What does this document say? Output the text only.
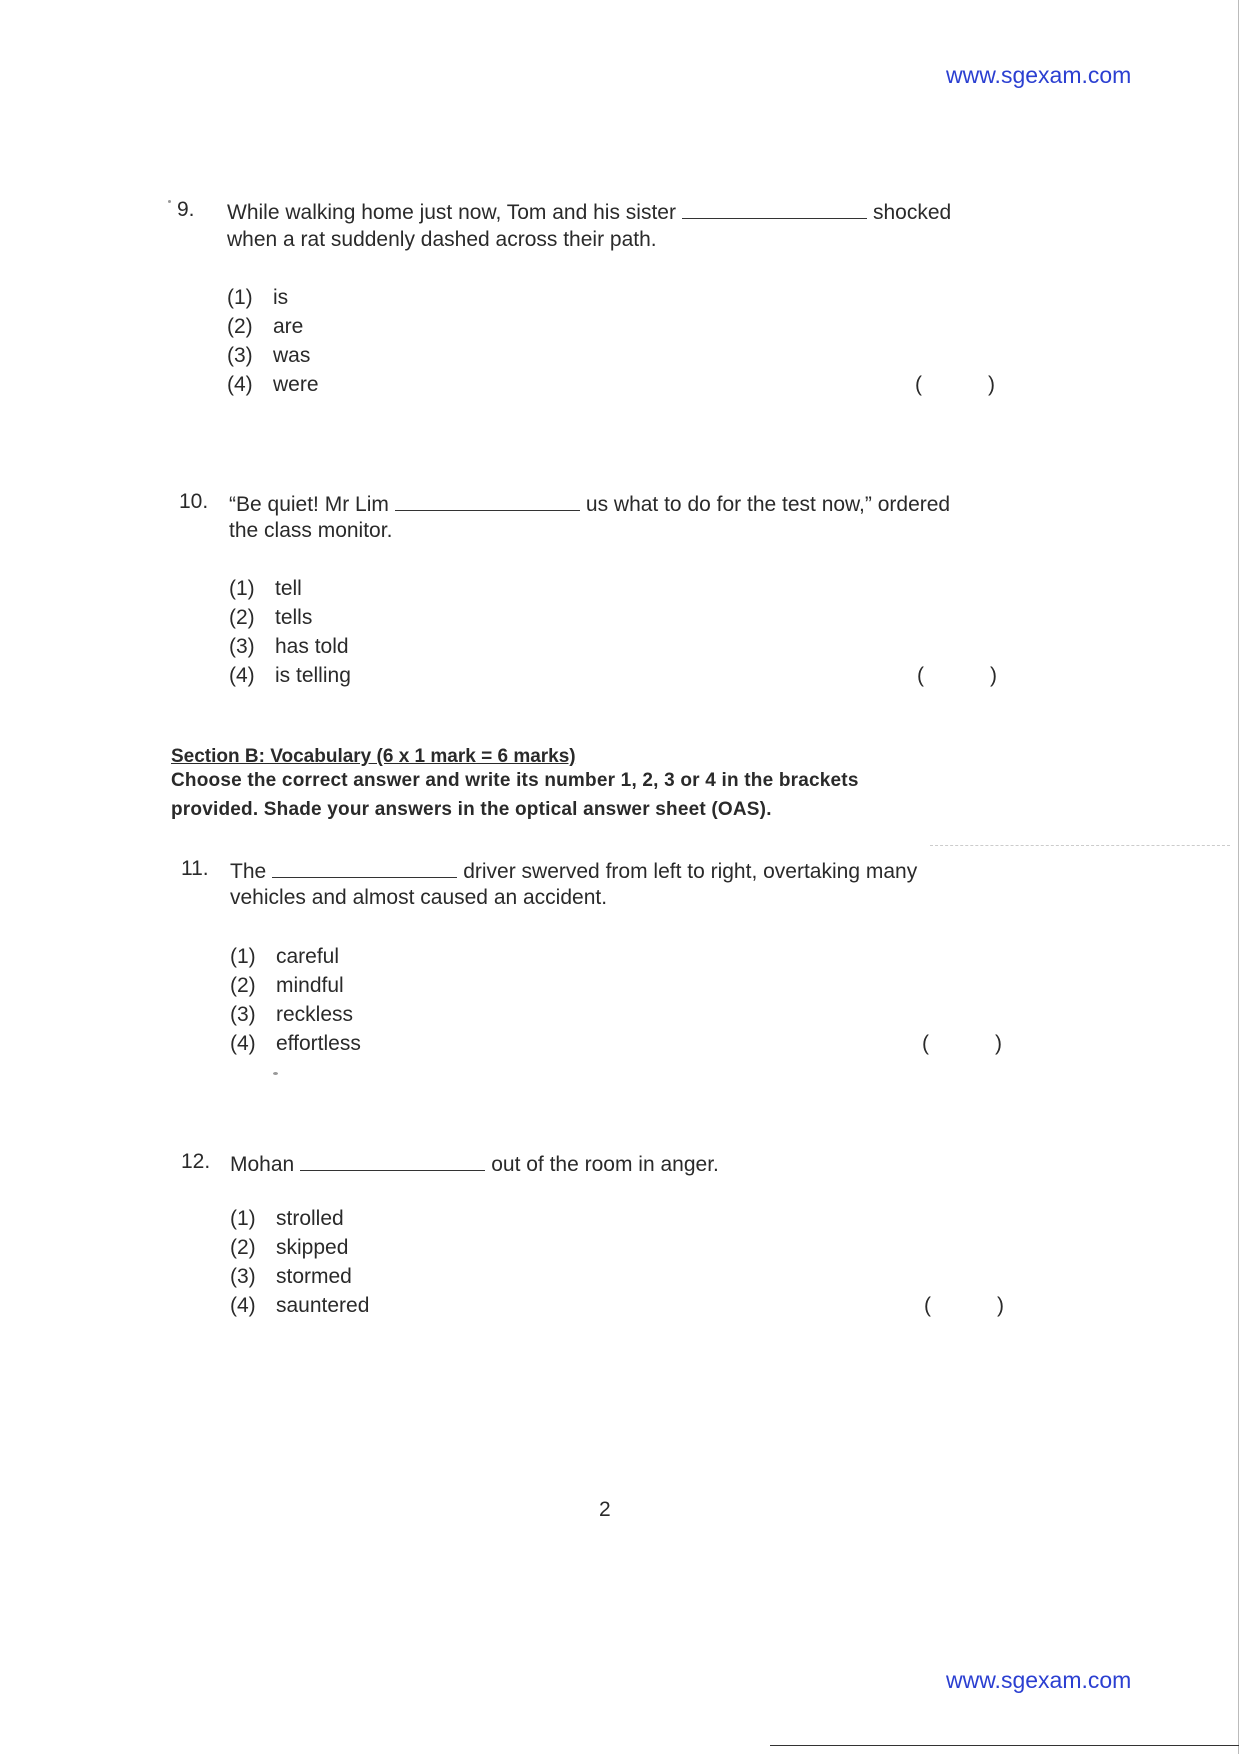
www.sgexam.com
9. While walking home just now, Tom and his sister	shocked
when a rat suddenly dashed across their path.
(1) is
(2) are
(3) was
(4) were	(	)
10. “Be quiet! Mr Lim	us what to do for the test now,” ordered
the class monitor.
(1) tell
(2) tells
(3) has told
(4) is telling	(	)
Section B: Vocabulary (6 x 1 mark = 6 marks)
Choose the correct answer and write its number 1, 2, 3 or 4 in the brackets
provided. Shade your answers in the optical answer sheet (OAS).
11. The	driver swerved from left to right, overtaking many
vehicles and almost caused an accident.
(1) careful
(2) mindful
(3) reckless
(4) effortless	(	)
12. Mohan	out of the room in anger.
(1) strolled
(2) skipped
(3) stormed
(4) sauntered	(	)
2
www.sgexam.com
